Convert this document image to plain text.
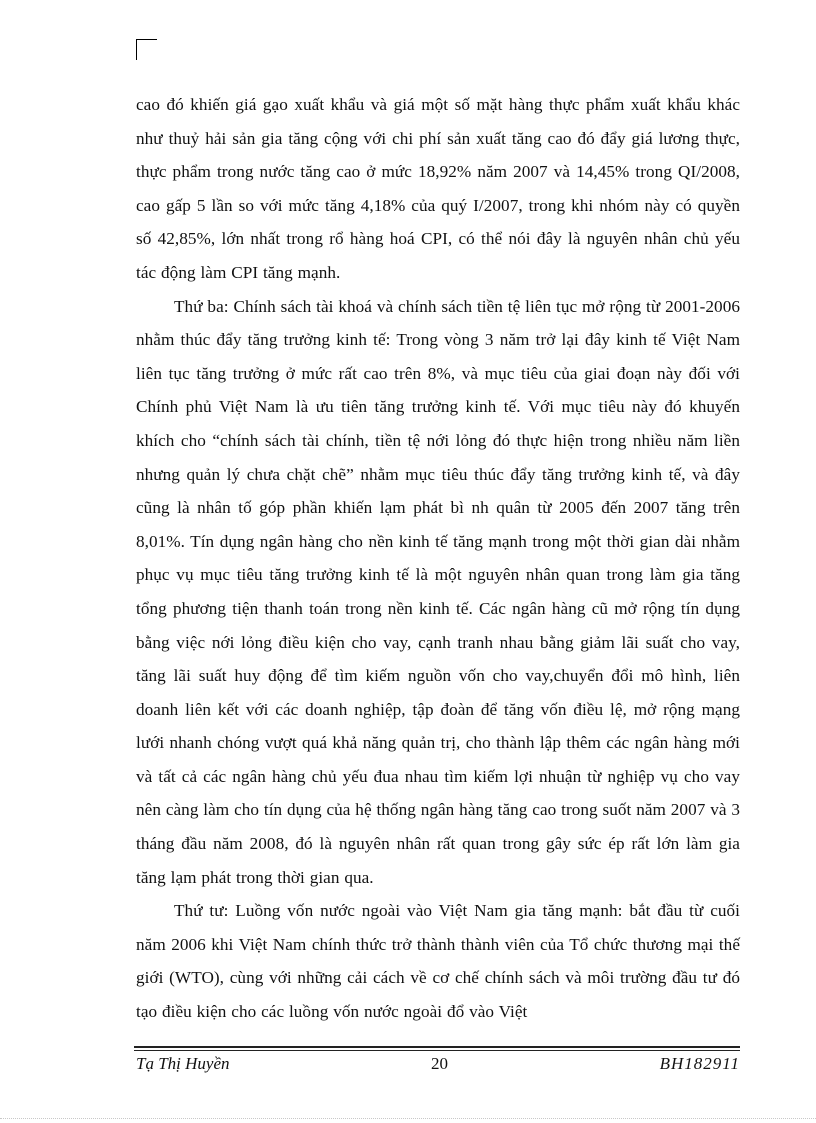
cao đó khiến giá gạo xuất khẩu và giá một số mặt hàng thực phẩm xuất khẩu khác như thuỷ hải sản gia tăng cộng với chi phí sản xuất tăng cao đó đẩy giá lương thực, thực phẩm trong nước tăng cao ở mức 18,92% năm 2007 và 14,45% trong QI/2008, cao gấp 5 lần so với mức tăng 4,18% của quý I/2007, trong khi nhóm này có quyền số 42,85%, lớn nhất trong rổ hàng hoá CPI, có thể nói đây là nguyên nhân chủ yếu tác động làm CPI tăng mạnh.

Thứ ba: Chính sách tài khoá và chính sách tiền tệ liên tục mở rộng từ 2001-2006 nhằm thúc đẩy tăng trưởng kinh tế: Trong vòng 3 năm trở lại đây kinh tế Việt Nam liên tục tăng trưởng ở mức rất cao trên 8%, và mục tiêu của giai đoạn này đối với Chính phủ Việt Nam là ưu tiên tăng trưởng kinh tế. Với mục tiêu này đó khuyến khích cho “chính sách tài chính, tiền tệ nới lỏng đó thực hiện trong nhiều năm liền nhưng quản lý chưa chặt chẽ” nhằm mục tiêu thúc đẩy tăng trưởng kinh tế, và đây cũng là nhân tố góp phần khiến lạm phát bì nh quân từ 2005 đến 2007 tăng trên 8,01%. Tín dụng ngân hàng cho nền kinh tế tăng mạnh trong một thời gian dài nhằm phục vụ mục tiêu tăng trưởng kinh tế là một nguyên nhân quan trong làm gia tăng tổng phương tiện thanh toán trong nền kinh tế. Các ngân hàng cũ mở rộng tín dụng bằng việc nới lỏng điều kiện cho vay, cạnh tranh nhau bằng giảm lãi suất cho vay, tăng lãi suất huy động để tìm kiếm nguồn vốn cho vay,chuyển đổi mô hình, liên doanh liên kết với các doanh nghiệp, tập đoàn để tăng vốn điều lệ, mở rộng mạng lưới nhanh chóng vượt quá khả năng quản trị, cho thành lập thêm các ngân hàng mới và tất cả các ngân hàng chủ yếu đua nhau tìm kiếm lợi nhuận từ nghiệp vụ cho vay nên càng làm cho tín dụng của hệ thống ngân hàng tăng cao trong suốt năm 2007 và 3 tháng đầu năm 2008, đó là nguyên nhân rất quan trong gây sức ép rất lớn làm gia tăng lạm phát trong thời gian qua.

Thứ tư: Luồng vốn nước ngoài vào Việt Nam gia tăng mạnh: bắt đầu từ cuối năm 2006 khi Việt Nam chính thức trở thành thành viên của Tổ chức thương mại thế giới (WTO), cùng với những cải cách về cơ chế chính sách và môi trường đầu tư đó tạo điều kiện cho các luồng vốn nước ngoài đổ vào Việt

Tạ Thị Huyền	20	BH182911
